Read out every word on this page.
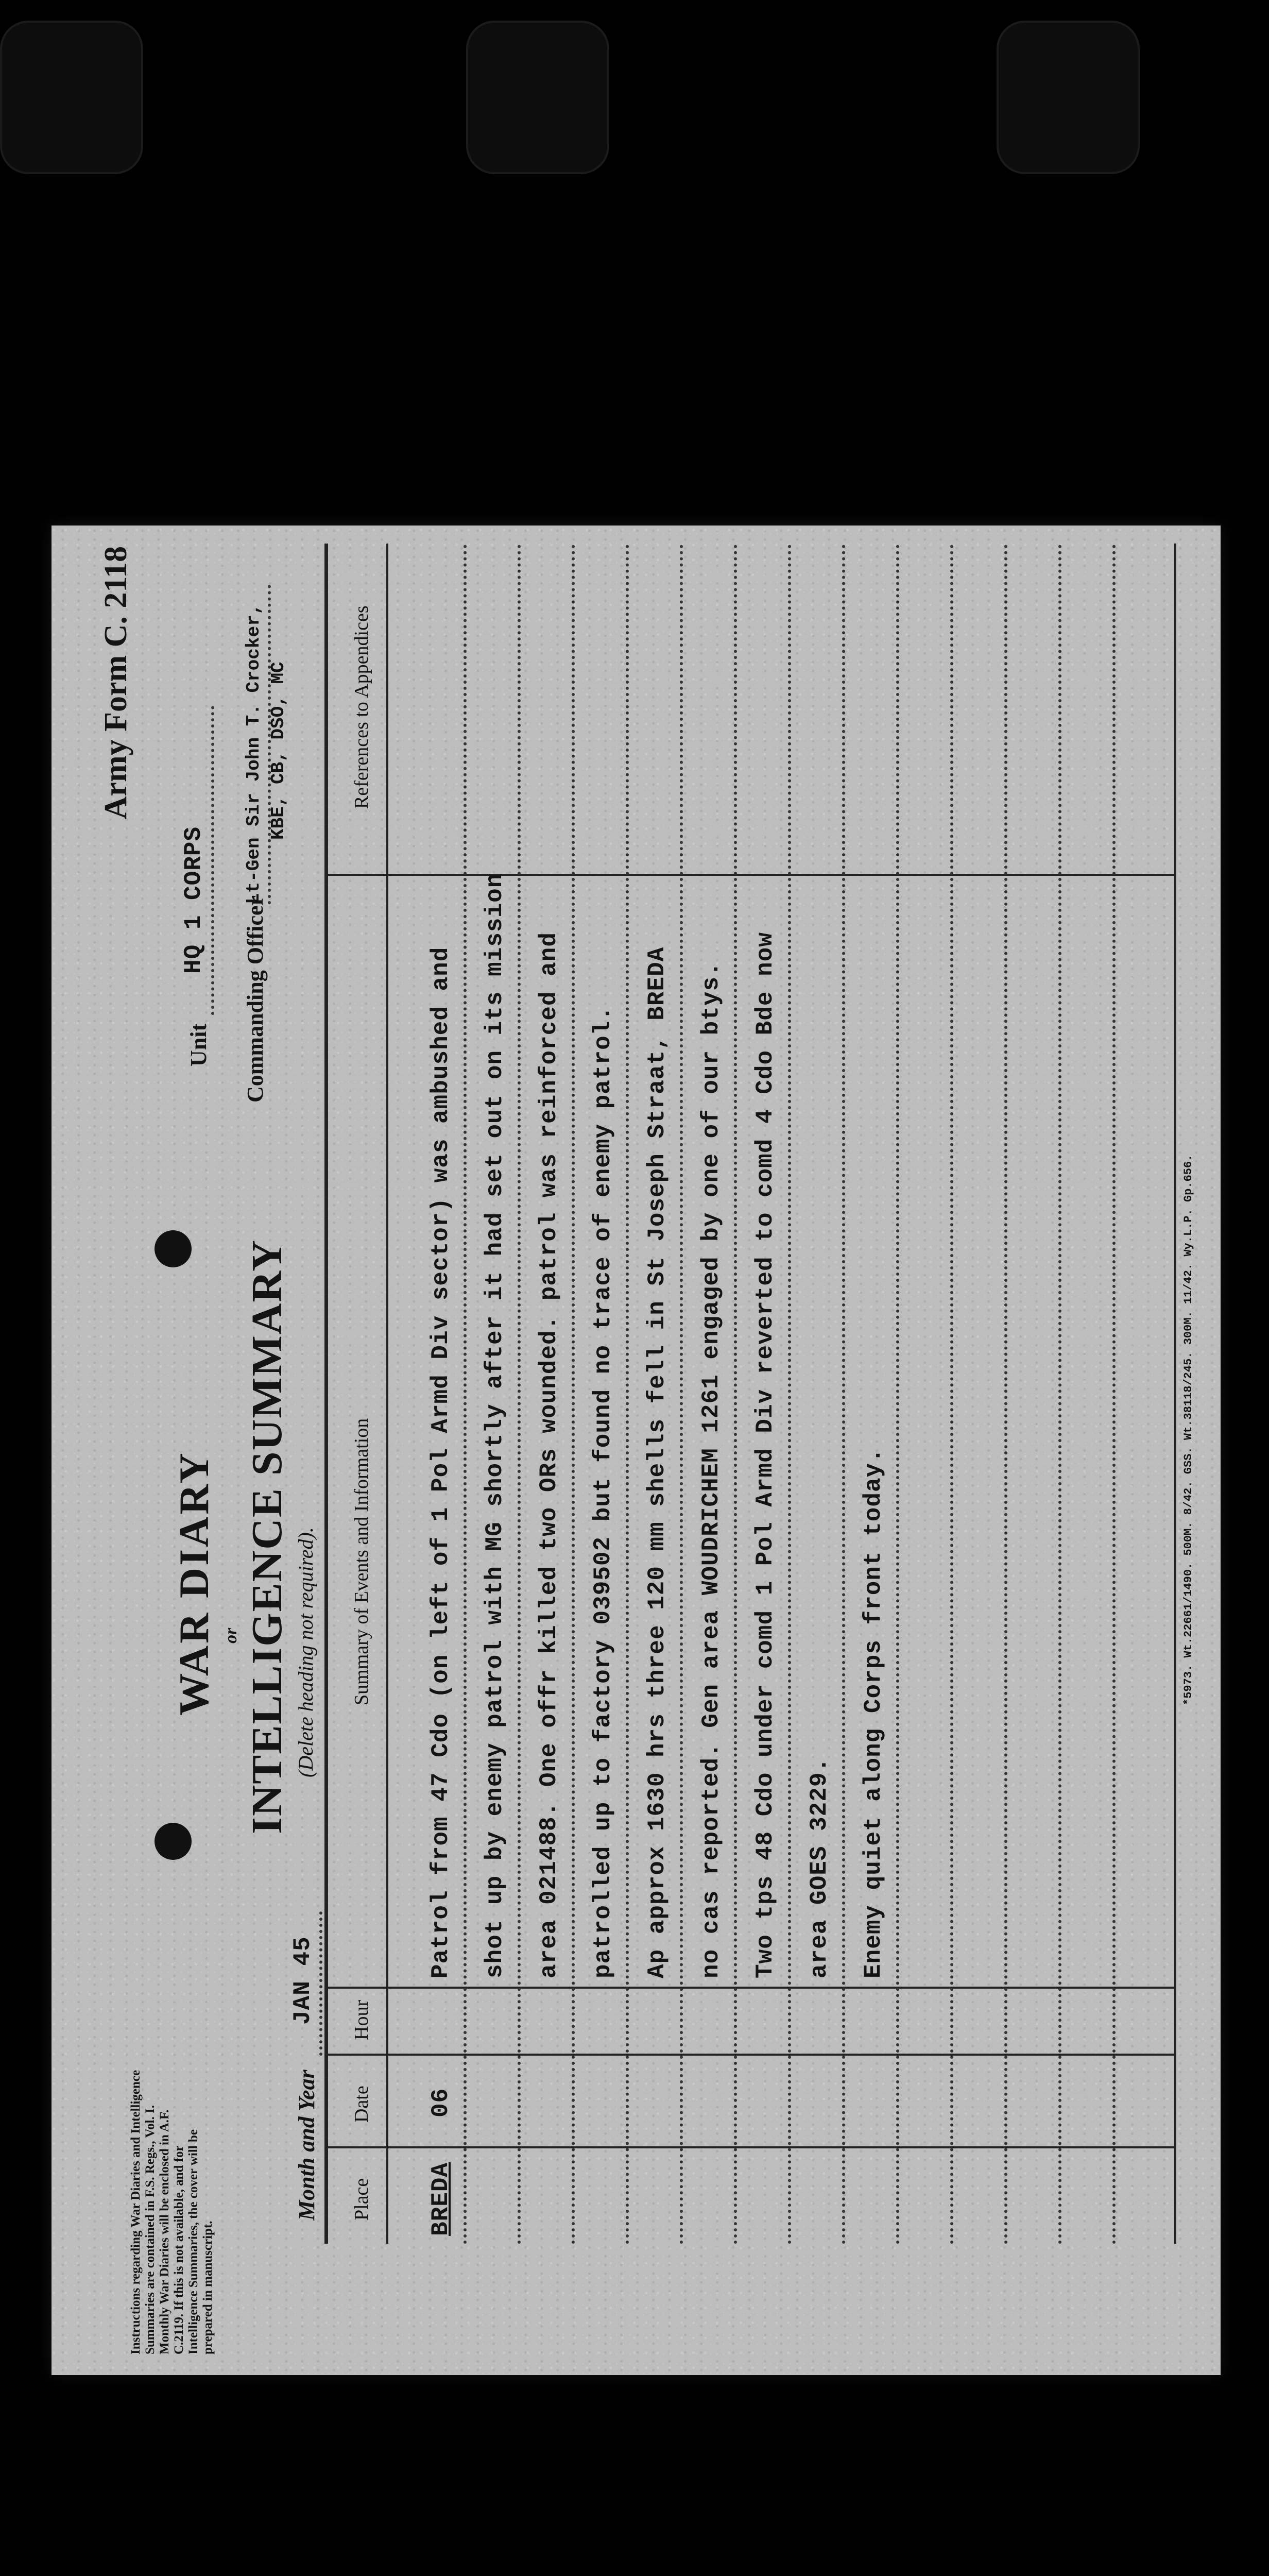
Instructions regarding War Diaries and Intelligence Summaries are contained in F.S. Regs., Vol. I. Monthly War Diaries will be enclosed in A.F. C.2119. If this is not available, and for Intelligence Summaries, the cover will be prepared in manuscript.
Army Form C. 2118
WAR DIARY or INTELLIGENCE SUMMARY (Delete heading not required).
Month and Year
JAN 45
Unit
HQ 1 CORPS Commanding Officer
Lt-Gen Sir John T. Crocker, KBE, CB, DSO, MC
Place
Date
Hour
Summary of Events and Information
References to Appendices
BREDA
06
Patrol from 47 Cdo (on left of 1 Pol Armd Div sector) was ambushed and shot up by enemy patrol with MG shortly after it had set out on its mission area 021488. One offr killed two ORs wounded. patrol was reinforced and patrolled up to factory 039502 but found no trace of enemy patrol. Ap approx 1630 hrs three 120 mm shells fell in St Joseph Straat, BREDA no cas reported. Gen area WOUDRICHEM 1261 engaged by one of our btys. Two tps 48 Cdo under comd 1 Pol Armd Div reverted to comd 4 Cdo Bde now area GOES 3229. Enemy quiet along Corps front today.
*5973. Wt.22661/1490. 500M. 8/42. GSS. Wt.38118/245. 300M. 11/42. Wy.L.P. Gp.656.
